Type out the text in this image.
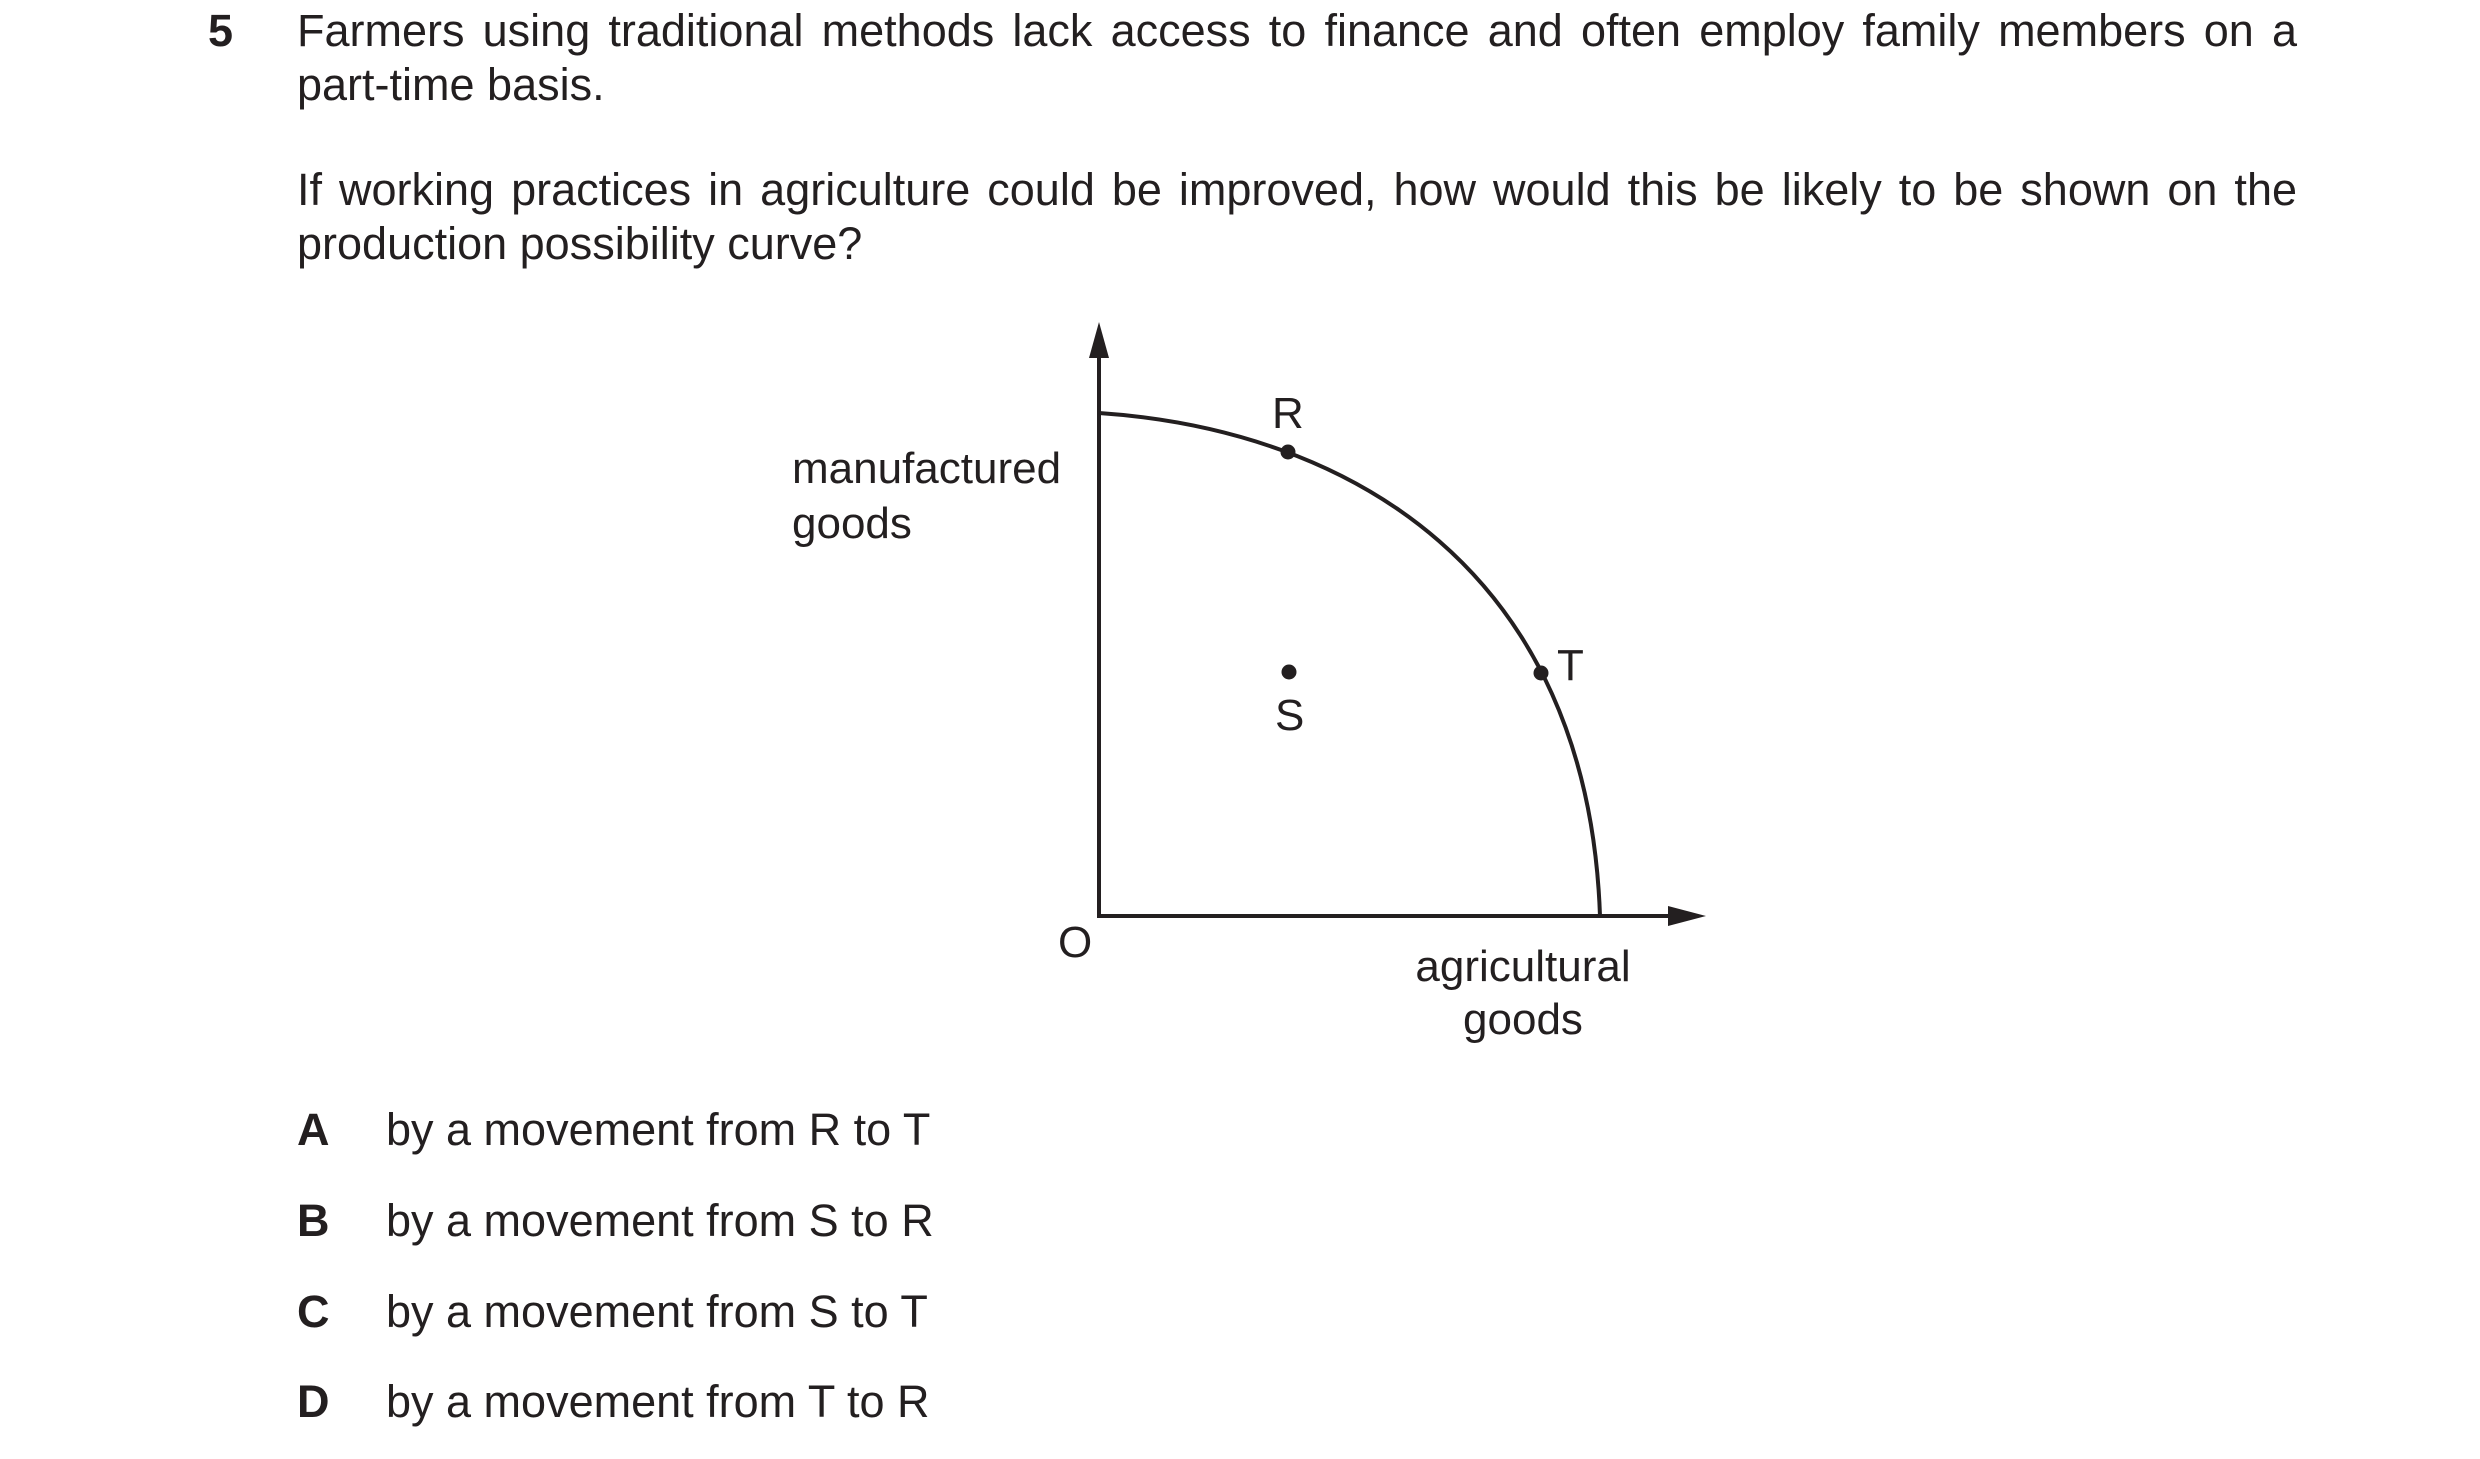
5 Farmers using traditional methods lack access to finance and often employ family members on a part-time basis.
If working practices in agriculture could be improved, how would this be likely to be shown on the production possibility curve?
R
T
S
O
manufactured
goods
agricultural
goods
A by a movement from R to T
B by a movement from S to R
C by a movement from S to T
D by a movement from T to R
